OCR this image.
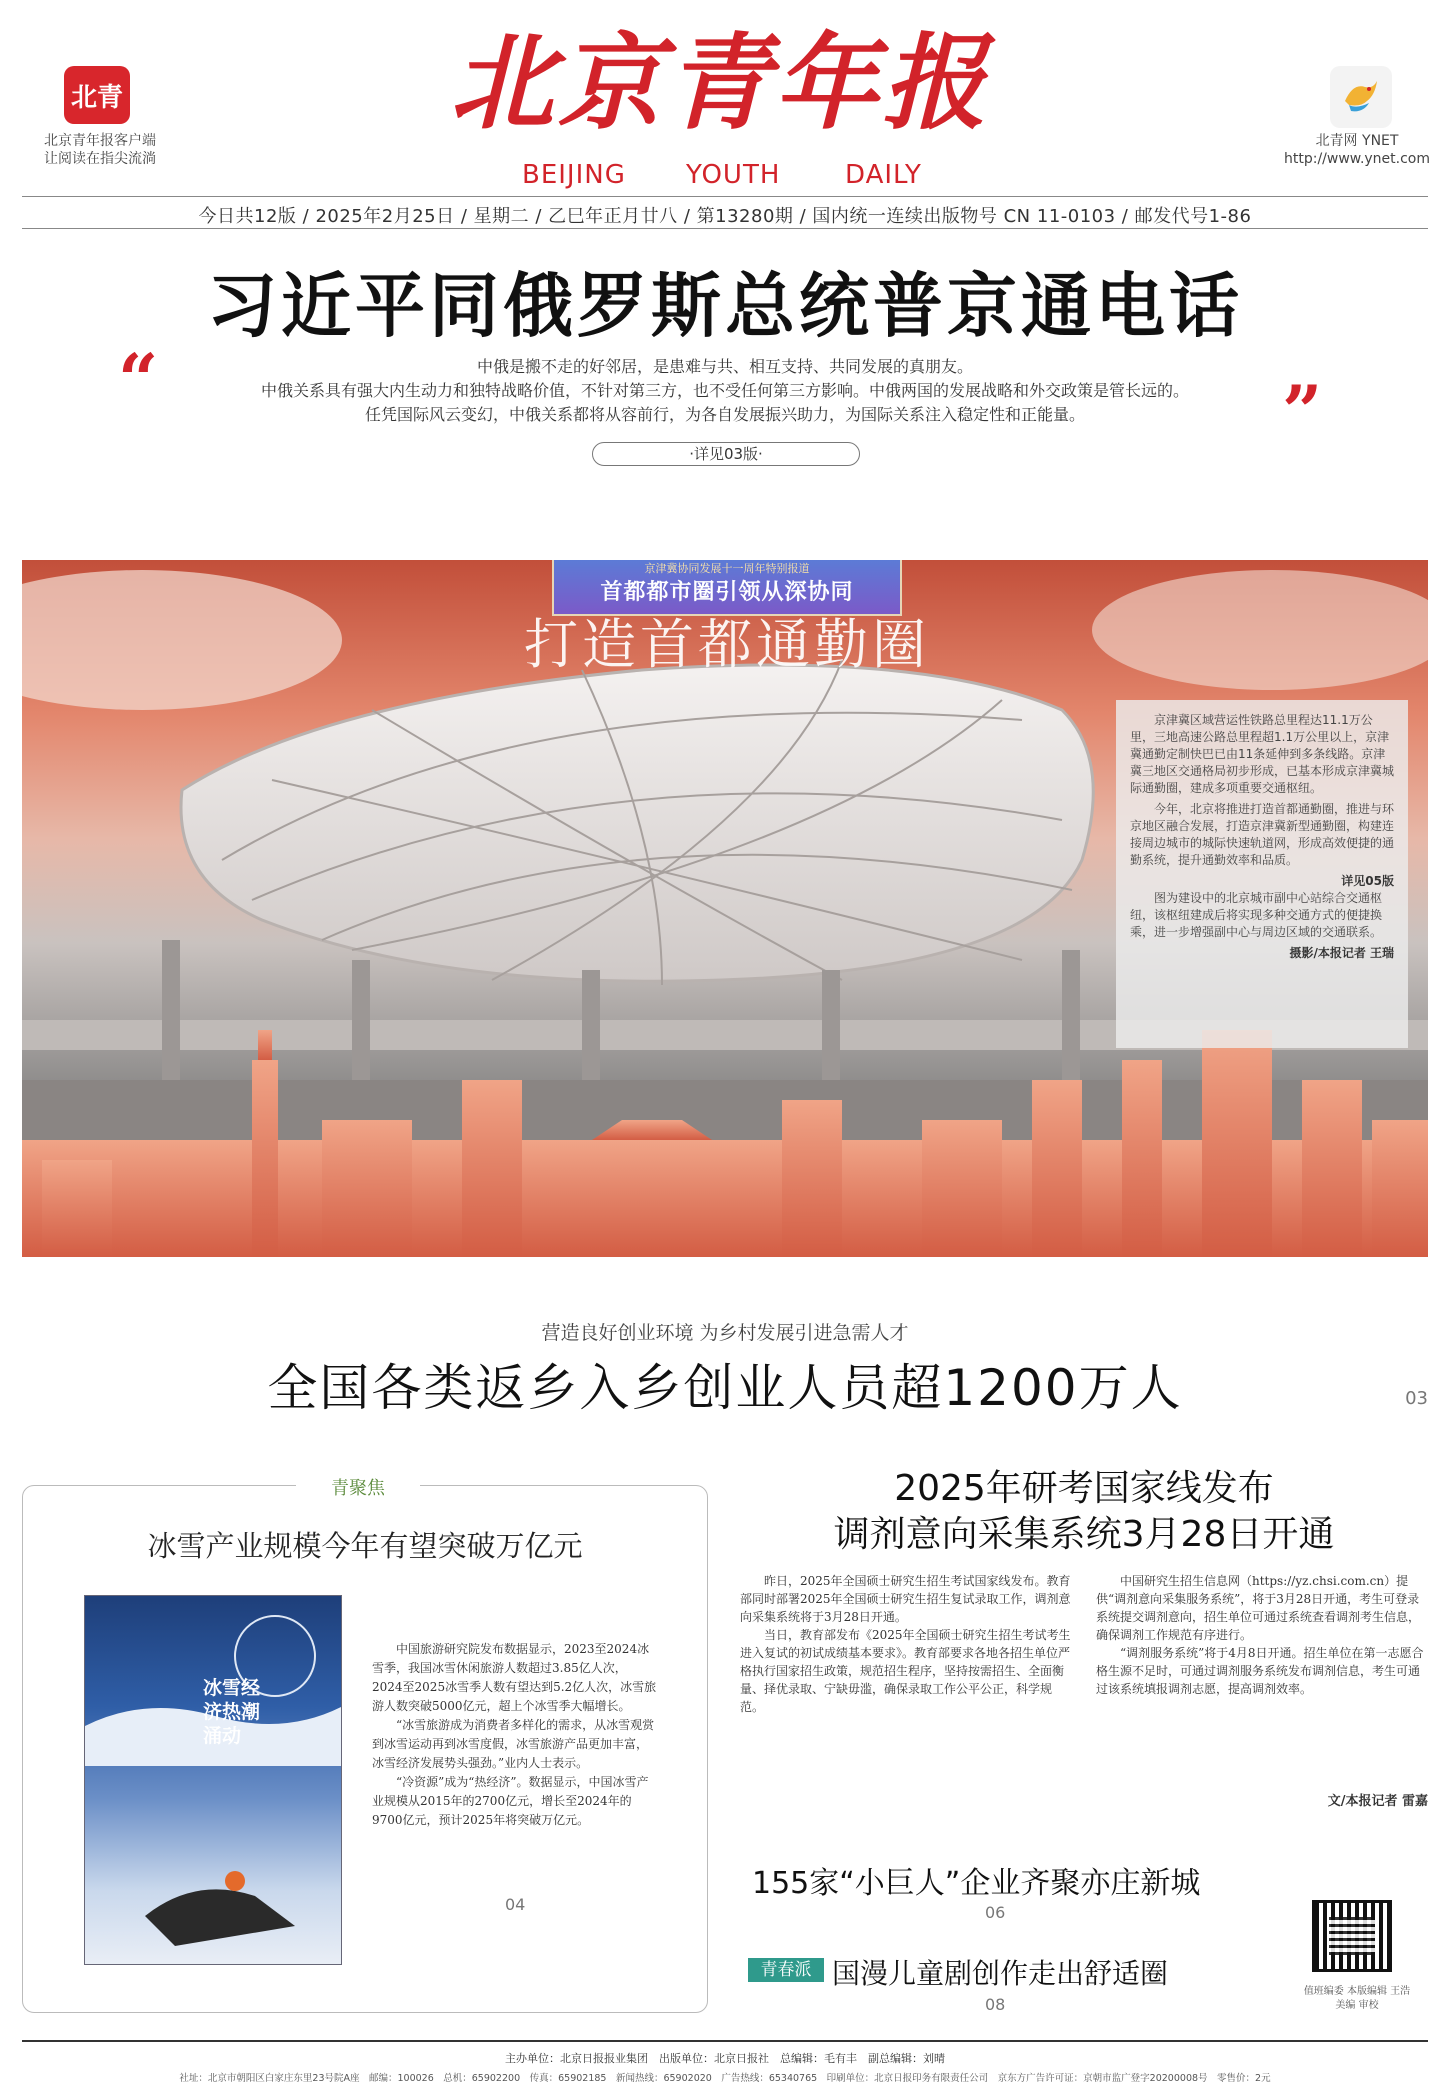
北青
北京青年报客户端
让阅读在指尖流淌
北京青年报
BEIJING YOUTH DAILY
北青网 YNET
http://www.ynet.com
今日共12版 / 2025年2月25日 / 星期二 / 乙巳年正月廿八 / 第13280期 / 国内统一连续出版物号 CN 11-0103 / 邮发代号1-86
习近平同俄罗斯总统普京通电话
“	中俄是搬不走的好邻居，是患难与共、相互支持、共同发展的真朋友。
中俄关系具有强大内生动力和独特战略价值，不针对第三方，也不受任何第三方影响。中俄两国的发展战略和外交政策是管长远的。
任凭国际风云变幻，中俄关系都将从容前行，为各自发展振兴助力，为国际关系注入稳定性和正能量。	”
·详见03版·
京津冀协同发展十一周年特别报道
首都都市圈引领从深协同
打造首都通勤圈

京津冀区域营运性铁路总里程达11.1万公里，三地高速公路总里程超1.1万公里以上，京津冀通勤定制快巴已由11条延伸到多条线路。京津冀三地区交通格局初步形成，已基本形成京津冀城际通勤圈，建成多项重要交通枢纽。

今年，北京将推进打造首都通勤圈，推进与环京地区融合发展，打造京津冀新型通勤圈，构建连接周边城市的城际快速轨道网，形成高效便捷的通勤系统，提升通勤效率和品质。

详见05版

图为建设中的北京城市副中心站综合交通枢纽，该枢纽建成后将实现多种交通方式的便捷换乘，进一步增强副中心与周边区域的交通联系。

摄影/本报记者 王瑞
营造良好创业环境 为乡村发展引进急需人才
全国各类返乡入乡创业人员超1200万人	03
青聚焦
冰雪产业规模今年有望突破万亿元
冰雪经济热潮涌动

中国旅游研究院发布数据显示，2023至2024冰雪季，我国冰雪休闲旅游人数超过3.85亿人次，2024至2025冰雪季人数有望达到5.2亿人次，冰雪旅游人数突破5000亿元，超上个冰雪季大幅增长。

“冰雪旅游成为消费者多样化的需求，从冰雪观赏到冰雪运动再到冰雪度假，冰雪旅游产品更加丰富，冰雪经济发展势头强劲。”业内人士表示。

“冷资源”成为“热经济”。数据显示，中国冰雪产业规模从2015年的2700亿元，增长至2024年的9700亿元，预计2025年将突破万亿元。

04
2025年研考国家线发布
调剂意向采集系统3月28日开通

昨日，2025年全国硕士研究生招生考试国家线发布。教育部同时部署2025年全国硕士研究生招生复试录取工作，调剂意向采集系统将于3月28日开通。

当日，教育部发布《2025年全国硕士研究生招生考试考生进入复试的初试成绩基本要求》。教育部要求各地各招生单位严格执行国家招生政策，规范招生程序，坚持按需招生、全面衡量、择优录取、宁缺毋滥，确保录取工作公平公正，科学规范。

中国研究生招生信息网（https://yz.chsi.com.cn）提供“调剂意向采集服务系统”，将于3月28日开通，考生可登录系统提交调剂意向，招生单位可通过系统查看调剂考生信息，确保调剂工作规范有序进行。

“调剂服务系统”将于4月8日开通。招生单位在第一志愿合格生源不足时，可通过调剂服务系统发布调剂信息，考生可通过该系统填报调剂志愿，提高调剂效率。

文/本报记者 雷嘉
155家“小巨人”企业齐聚亦庄新城
06
青春派 国漫儿童剧创作走出舒适圈
08
值班编委 本版编辑 王浩
美编 审校
主办单位：北京日报报业集团　出版单位：北京日报社　总编辑：毛有丰　副总编辑：刘晴
社址：北京市朝阳区白家庄东里23号院A座　邮编：100026　总机：65902200　传真：65902185　新闻热线：65902020　广告热线：65340765　印刷单位：北京日报印务有限责任公司　京东方广告许可证：京朝市监广登字20200008号　零售价：2元
